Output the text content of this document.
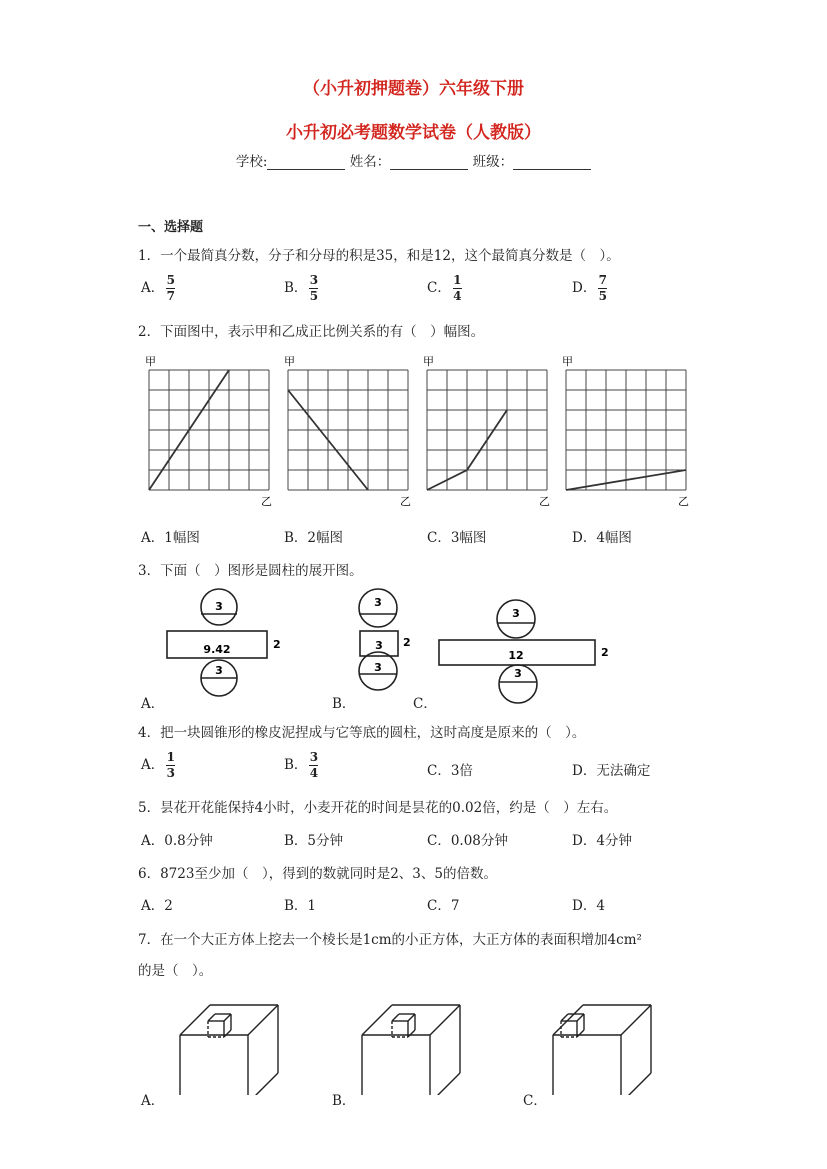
（小升初押题卷）六年级下册
小升初必考题数学试卷（人教版）
学校:	姓名：	班级：
一、选择题
1．一个最简真分数，分子和分母的积是35，和是12，这个最简真分数是（　）。
A． $\frac{5}{7}$	B． $\frac{3}{5}$	C． $\frac{1}{4}$	D． $\frac{7}{5}$
2．下面图中，表示甲和乙成正比例关系的有（　）幅图。
甲
乙
甲
乙
甲
乙
甲
乙
A．1幅图	B．2幅图	C．3幅图	D．4幅图
3．下面（　）图形是圆柱的展开图。
3
9.42	2
3
3
3 2
3
3
12	2
3
A．	B．	C．
4．把一块圆锥形的橡皮泥捏成与它等底的圆柱，这时高度是原来的（　）。
A． $\frac{1}{3}$	B． $\frac{3}{4}$	C．3倍	D．无法确定
5．昙花开花能保持4小时，小麦开花的时间是昙花的0.02倍，约是（　）左右。
A．0.8分钟	B．5分钟	C．0.08分钟	D．4分钟
6．8723至少加（　），得到的数就同时是2、3、5的倍数。
A．2	B．1	C．7	D．4
7．在一个大正方体上挖去一个棱长是1cm的小正方体，大正方体的表面积增加4cm²
的是（　）。
A．	B．	C．
